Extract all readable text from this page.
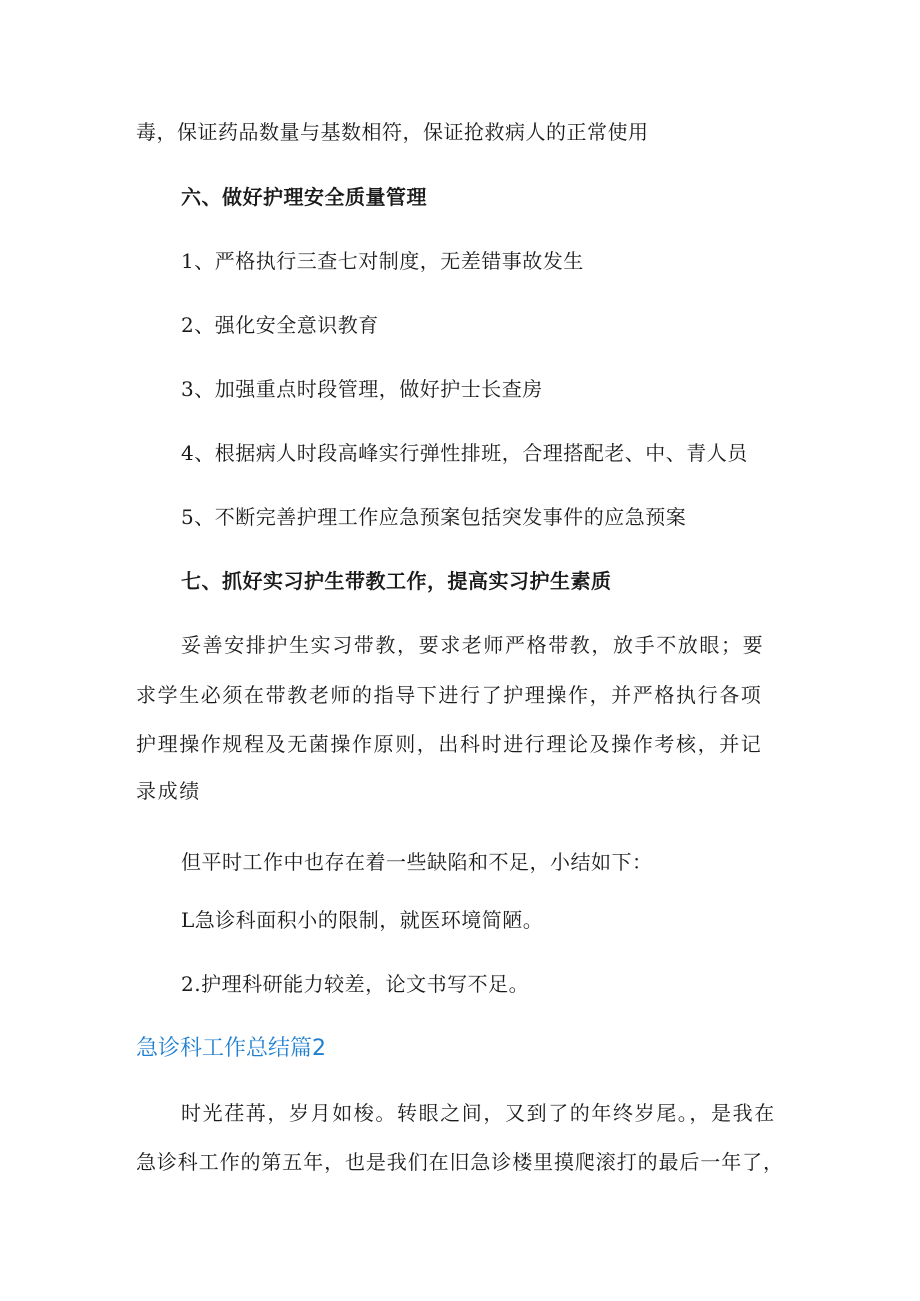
毒，保证药品数量与基数相符，保证抢救病人的正常使用
六、做好护理安全质量管理
1、严格执行三查七对制度，无差错事故发生
2、强化安全意识教育
3、加强重点时段管理，做好护士长查房
4、根据病人时段高峰实行弹性排班，合理搭配老、中、青人员
5、不断完善护理工作应急预案包括突发事件的应急预案
七、抓好实习护生带教工作，提高实习护生素质
妥善安排护生实习带教，要求老师严格带教，放手不放眼；要
求学生必须在带教老师的指导下进行了护理操作，并严格执行各项
护理操作规程及无菌操作原则，出科时进行理论及操作考核，并记
录成绩
但平时工作中也存在着一些缺陷和不足，小结如下：
L急诊科面积小的限制，就医环境简陋。
2.护理科研能力较差，论文书写不足。
急诊科工作总结篇2
时光荏苒，岁月如梭。转眼之间，又到了的年终岁尾。，是我在
急诊科工作的第五年，也是我们在旧急诊楼里摸爬滚打的最后一年了，
